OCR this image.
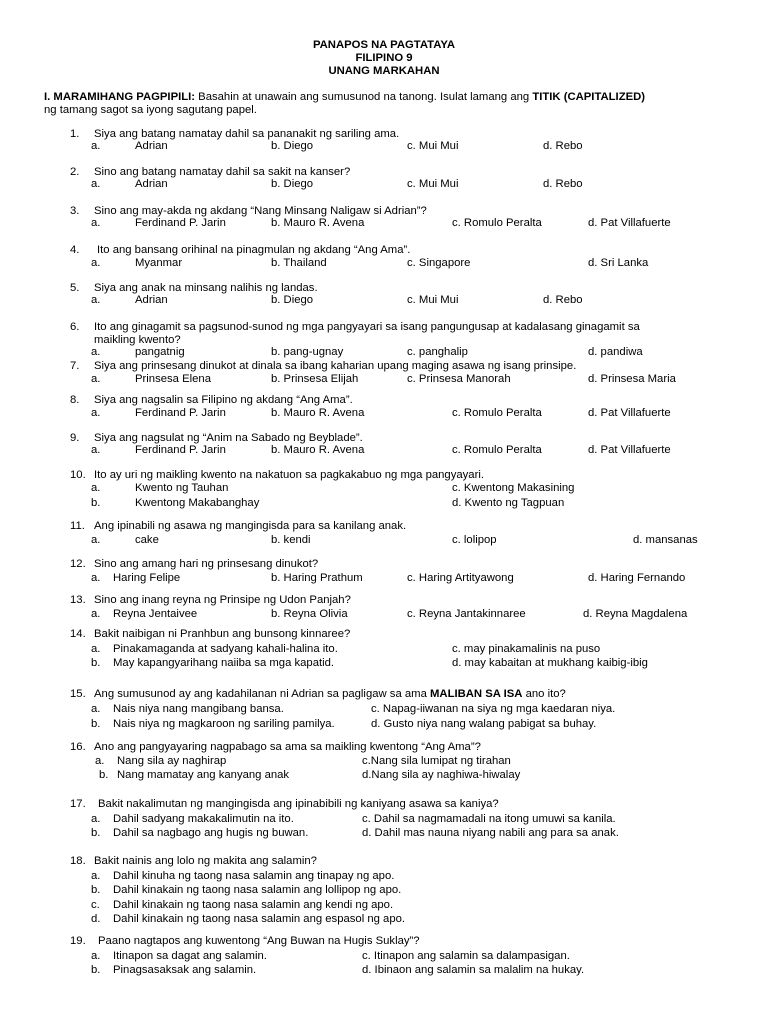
PANAPOS NA PAGTATAYA
FILIPINO 9
UNANG MARKAHAN
I. MARAMIHANG PAGPIPILI: Basahin at unawain ang sumusunod na tanong. Isulat lamang ang TITIK (CAPITALIZED)
ng tamang sagot sa iyong sagutang papel.
1. Siya ang batang namatay dahil sa pananakit ng sariling ama.
a.	Adrian	b. Diego	c. Mui Mui	d. Rebo
2. Sino ang batang namatay dahil sa sakit na kanser?
a.	Adrian	b. Diego	c. Mui Mui	d. Rebo
3. Sino ang may-akda ng akdang “Nang Minsang Naligaw si Adrian”?
a.	Ferdinand P. Jarin	b. Mauro R. Avena	c. Romulo Peralta	d. Pat Villafuerte
4. Ito ang bansang orihinal na pinagmulan ng akdang “Ang Ama”.
a.	Myanmar	b. Thailand	c. Singapore	d. Sri Lanka
5. Siya ang anak na minsang nalihis ng landas.
a.	Adrian	b. Diego	c. Mui Mui	d. Rebo
6. Ito ang ginagamit sa pagsunod-sunod ng mga pangyayari sa isang pangungusap at kadalasang ginagamit sa
maikling kwento?
a.	pangatnig	b. pang-ugnay	c. panghalip	d. pandiwa
7. Siya ang prinsesang dinukot at dinala sa ibang kaharian upang maging asawa ng isang prinsipe.
a.	Prinsesa Elena	b. Prinsesa Elijah	c. Prinsesa Manorah	d. Prinsesa Maria
8. Siya ang nagsalin sa Filipino ng akdang “Ang Ama”.
a.	Ferdinand P. Jarin	b. Mauro R. Avena	c. Romulo Peralta	d. Pat Villafuerte
9. Siya ang nagsulat ng “Anim na Sabado ng Beyblade”.
a.	Ferdinand P. Jarin	b. Mauro R. Avena	c. Romulo Peralta	d. Pat Villafuerte
10. Ito ay uri ng maikling kwento na nakatuon sa pagkakabuo ng mga pangyayari.
a.	Kwento ng Tauhan	c. Kwentong Makasining
b.	Kwentong Makabanghay	d. Kwento ng Tagpuan
11. Ang ipinabili ng asawa ng mangingisda para sa kanilang anak.
a.	cake	b. kendi	c. lolipop	d. mansanas
12. Sino ang amang hari ng prinsesang dinukot?
a. Haring Felipe	b. Haring Prathum	c. Haring Artityawong	d. Haring Fernando
13. Sino ang inang reyna ng Prinsipe ng Udon Panjah?
a. Reyna Jentaivee	b. Reyna Olivia	c. Reyna Jantakinnaree	d. Reyna Magdalena
14. Bakit naibigan ni Pranhbun ang bunsong kinnaree?
a. Pinakamaganda at sadyang kahali-halina ito.	c. may pinakamalinis na puso
b. May kapangyarihang naiiba sa mga kapatid.	d. may kabaitan at mukhang kaibig-ibig
15. Ang sumusunod ay ang kadahilanan ni Adrian sa pagligaw sa ama MALIBAN SA ISA ano ito?
a. Nais niya nang mangibang bansa.	c. Napag-iiwanan na siya ng mga kaedaran niya.
b. Nais niya ng magkaroon ng sariling pamilya.	d. Gusto niya nang walang pabigat sa buhay.
16. Ano ang pangyayaring nagpabago sa ama sa maikling kwentong “Ang Ama”?
a. Nang sila ay naghirap	c.Nang sila lumipat ng tirahan
b. Nang mamatay ang kanyang anak	d.Nang sila ay naghiwa-hiwalay
17. Bakit nakalimutan ng mangingisda ang ipinabibili ng kaniyang asawa sa kaniya?
a. Dahil sadyang makakalimutin na ito.	c. Dahil sa nagmamadali na itong umuwi sa kanila.
b. Dahil sa nagbago ang hugis ng buwan.	d. Dahil mas nauna niyang nabili ang para sa anak.
18. Bakit nainis ang lolo ng makita ang salamin?
a. Dahil kinuha ng taong nasa salamin ang tinapay ng apo.
b. Dahil kinakain ng taong nasa salamin ang lollipop ng apo.
c. Dahil kinakain ng taong nasa salamin ang kendi ng apo.
d. Dahil kinakain ng taong nasa salamin ang espasol ng apo.
19. Paano nagtapos ang kuwentong “Ang Buwan na Hugis Suklay”?
a. Itinapon sa dagat ang salamin.	c. Itinapon ang salamin sa dalampasigan.
b. Pinagsasaksak ang salamin.	d. Ibinaon ang salamin sa malalim na hukay.
